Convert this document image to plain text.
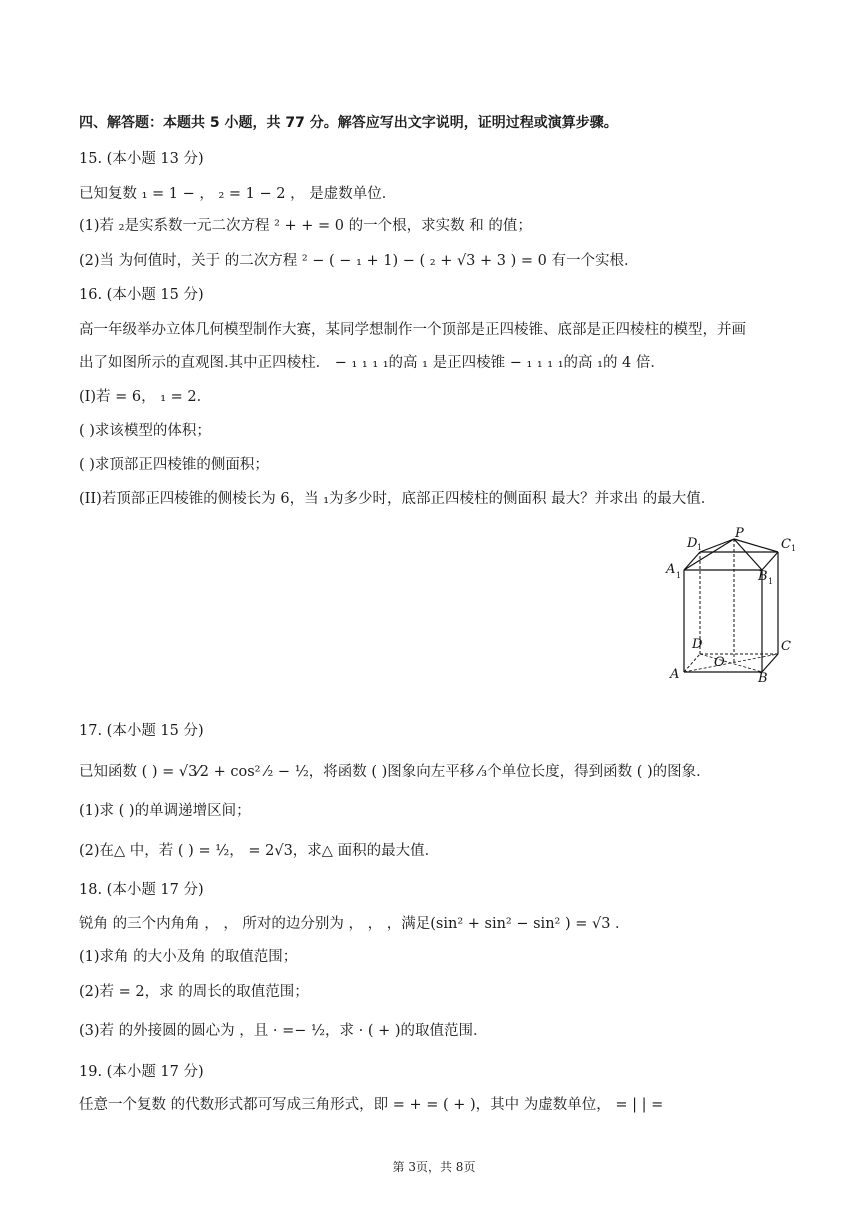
四、解答题：本题共 5 小题，共 77 分。解答应写出文字说明，证明过程或演算步骤。
15. (本小题 13 分)
已知复数 ₁ = 1 − ， ₂ = 1 − 2 ， 是虚数单位．
(1)若 ₂是实系数一元二次方程 ² + + = 0 的一个根，求实数 和 的值；
(2)当 为何值时，关于 的二次方程 ² − ( − ₁ + 1) − ( ₂ + √3 + 3 ) = 0 有一个实根．
16. (本小题 15 分)
高一年级举办立体几何模型制作大赛，某同学想制作一个顶部是正四棱锥、底部是正四棱柱的模型，并画
出了如图所示的直观图.其中正四棱柱． − ₁ ₁ ₁ ₁的高 ₁ 是正四棱锥 − ₁ ₁ ₁ ₁的高 ₁的 4 倍．
(I)若 = 6， ₁ = 2．
( )求该模型的体积；
( )求顶部正四棱锥的侧面积；
(II)若顶部正四棱锥的侧棱长为 6，当 ₁为多少时，底部正四棱柱的侧面积 最大？并求出 的最大值．
P
D 1	C 1
A 1	B 1
D	C
A	B
O
17. (本小题 15 分)
已知函数 ( ) = √3⁄2 + cos² ⁄₂ − ½，将函数 ( )图象向左平移 ⁄₃个单位长度，得到函数 ( )的图象．
(1)求 ( )的单调递增区间；
(2)在△ 中，若 ( ) = ½， = 2√3，求△ 面积的最大值．
18. (本小题 17 分)
锐角 的三个内角角 ， ， 所对的边分别为 ， ， ，满足(sin² + sin² − sin² ) = √3 ．
(1)求角 的大小及角 的取值范围；
(2)若 = 2，求 的周长的取值范围；
(3)若 的外接圆的圆心为 ，且 · =− ½，求 · ( + )的取值范围．
19. (本小题 17 分)
任意一个复数 的代数形式都可写成三角形式，即 = + = ( + )，其中 为虚数单位， = | | =
第 3页，共 8页
